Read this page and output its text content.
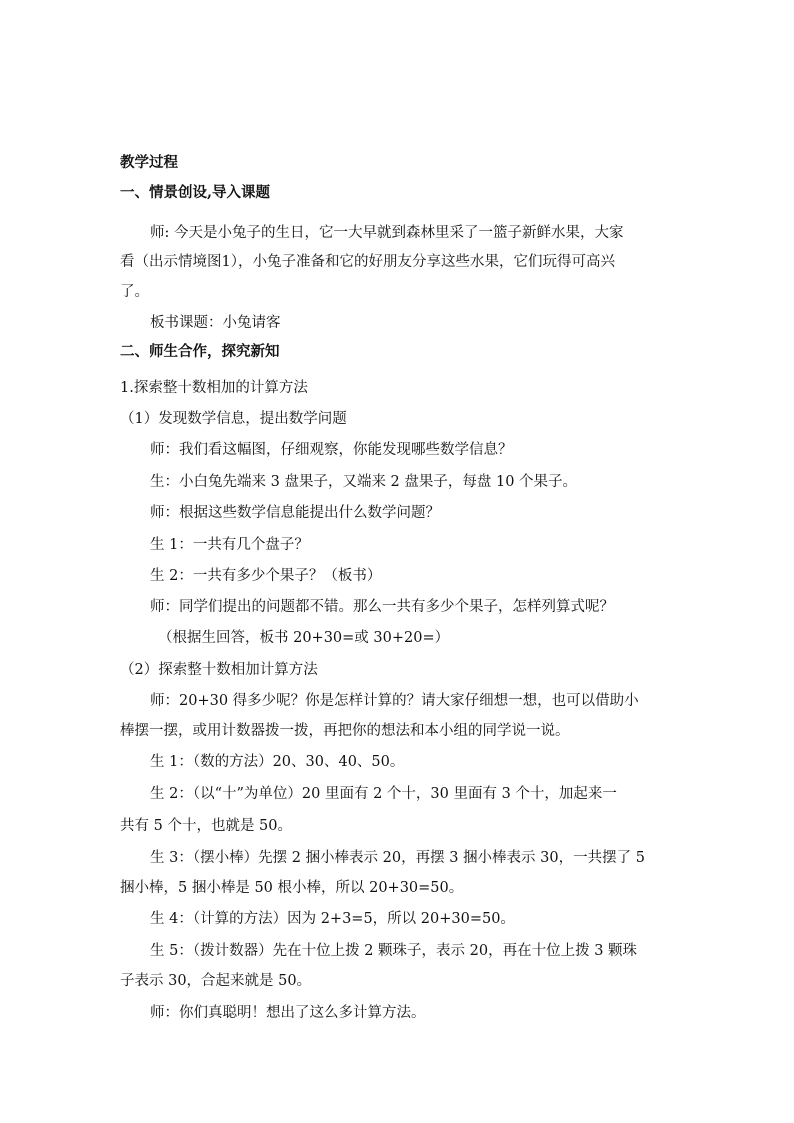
教学过程
一、情景创设,导入课题
师: 今天是小兔子的生日，它一大早就到森林里采了一篮子新鲜水果，大家
看（出示情境图1），小兔子准备和它的好朋友分享这些水果，它们玩得可高兴
了。
板书课题：小兔请客
二、师生合作，探究新知
1.探索整十数相加的计算方法
（1）发现数学信息，提出数学问题
师：我们看这幅图，仔细观察，你能发现哪些数学信息？
生：小白兔先端来 3 盘果子，又端来 2 盘果子，每盘 10 个果子。
师：根据这些数学信息能提出什么数学问题？
生 1：一共有几个盘子？
生 2：一共有多少个果子？（板书）
师：同学们提出的问题都不错。那么一共有多少个果子，怎样列算式呢？
（根据生回答，板书 20+30=或 30+20=）
（2）探索整十数相加计算方法
师：20+30 得多少呢？你是怎样计算的？请大家仔细想一想，也可以借助小
棒摆一摆，或用计数器拨一拨，再把你的想法和本小组的同学说一说。
生 1：（数的方法）20、30、40、50。
生 2：（以“十”为单位）20 里面有 2 个十，30 里面有 3 个十，加起来一
共有 5 个十，也就是 50。
生 3：（摆小棒）先摆 2 捆小棒表示 20，再摆 3 捆小棒表示 30，一共摆了 5
捆小棒，5 捆小棒是 50 根小棒，所以 20+30=50。
生 4：（计算的方法）因为 2+3=5，所以 20+30=50。
生 5：（拨计数器）先在十位上拨 2 颗珠子，表示 20，再在十位上拨 3 颗珠
子表示 30，合起来就是 50。
师：你们真聪明！想出了这么多计算方法。
